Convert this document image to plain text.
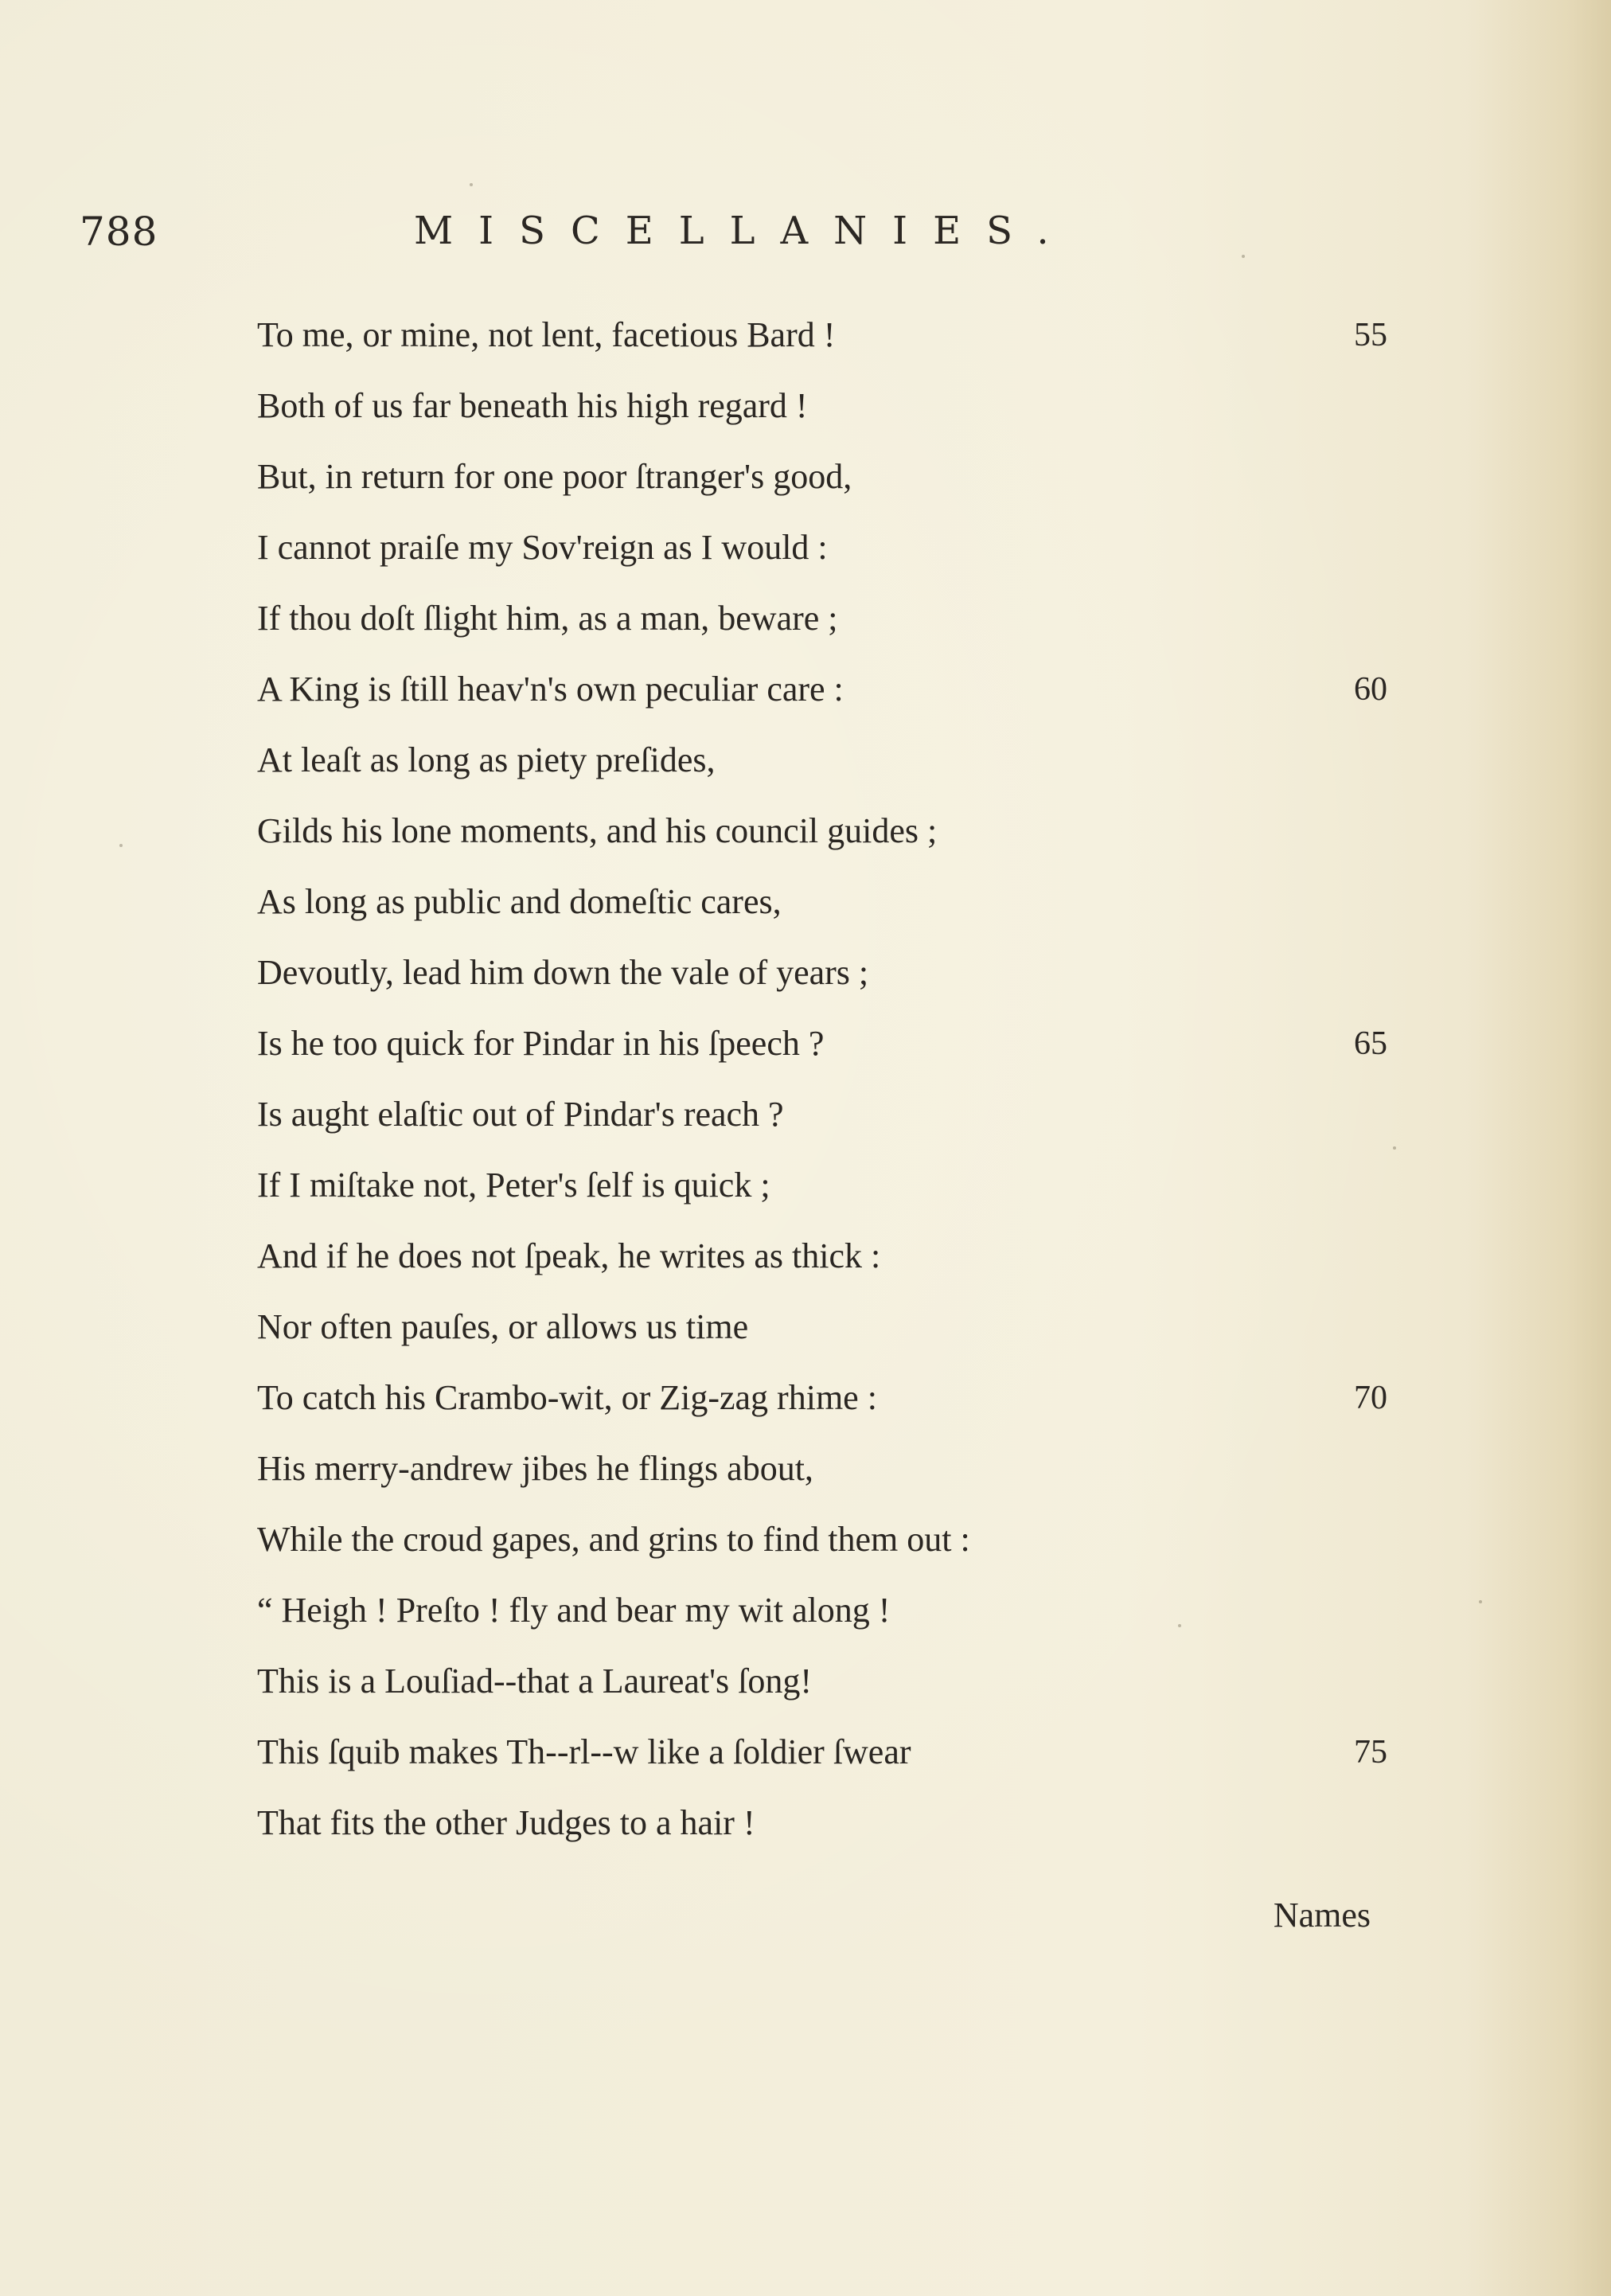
788	MISCELLANIES.
To me, or mine, not lent, facetious Bard !	55
Both of us far beneath his high regard !
But, in return for one poor ſtranger's good,
I cannot praiſe my Sov'reign as I would :
If thou doſt ſlight him, as a man, beware ;
A King is ſtill heav'n's own peculiar care :	60
At leaſt as long as piety preſides,
Gilds his lone moments, and his council guides ;
As long as public and domeſtic cares,
Devoutly, lead him down the vale of years ;
Is he too quick for Pindar in his ſpeech ?	65
Is aught elaſtic out of Pindar's reach ?
If I miſtake not, Peter's ſelf is quick ;
And if he does not ſpeak, he writes as thick :
Nor often pauſes, or allows us time
To catch his Crambo-wit, or Zig-zag rhime :	70
His merry-andrew jibes he flings about,
While the croud gapes, and grins to find them out :
“ Heigh ! Preſto ! fly and bear my wit along !
This is a Louſiad--that a Laureat's ſong!
This ſquib makes Th--rl--w like a ſoldier ſwear	75
That fits the other Judges to a hair !
Names
